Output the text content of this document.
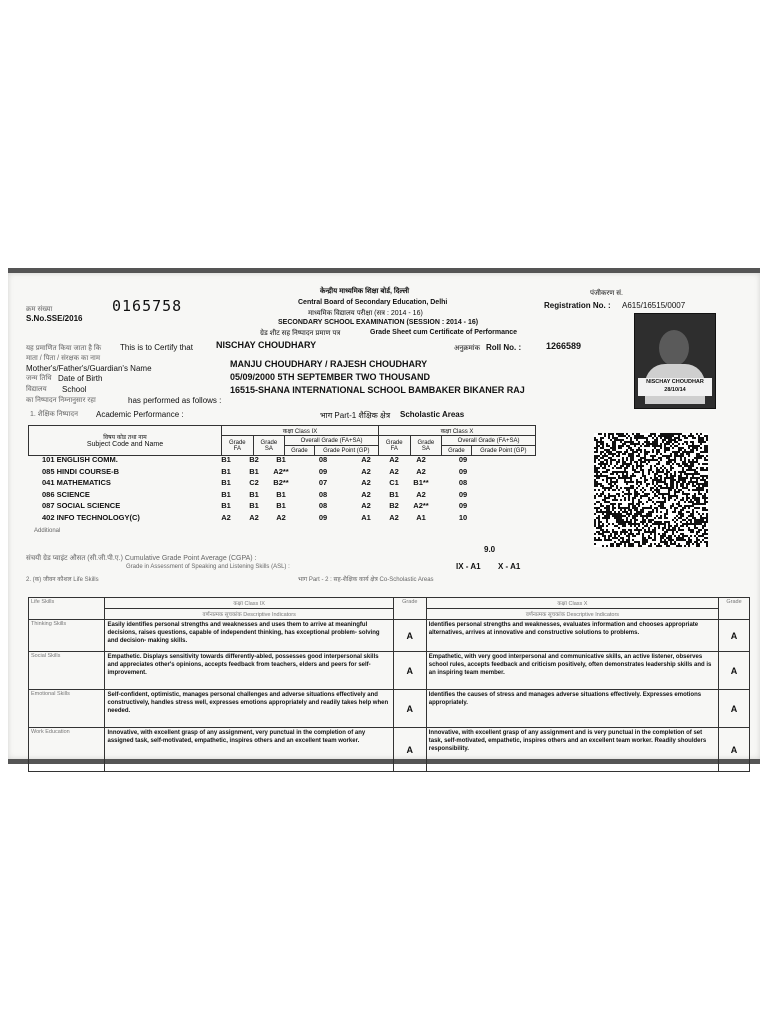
केन्द्रीय माध्यमिक शिक्षा बोर्ड, दिल्ली
Central Board of Secondary Education, Delhi
माध्यमिक विद्यालय परीक्षा (सत्र : 2014 - 16)
SECONDARY SCHOOL EXAMINATION (SESSION : 2014 - 16)
ग्रेड शीट सह निष्पादन प्रमाण पत्र	Grade Sheet cum Certificate of Performance
क्रम संख्या
S.No.SSE/2016
0165758
पंजीकरण सं.
Registration No. : A615/16515/0007
यह प्रमाणित किया जाता है कि This is to Certify that	NISCHAY CHOUDHARY	अनुक्रमांक Roll No. :	1266589
माता / पिता / संरक्षक का नाम
Mother's/Father's/Guardian's Name	MANJU CHOUDHARY / RAJESH CHOUDHARY
जन्म तिथि Date of Birth	05/09/2000 5TH SEPTEMBER TWO THOUSAND
विद्यालय School	16515-SHANA INTERNATIONAL SCHOOL BAMBAKER BIKANER RAJ
का निष्पादन निम्नानुसार रहा	has performed as follows :
NISCHAY CHOUDHAR
28/10/14
1. शैक्षिक निष्पादन Academic Performance :	भाग Part-1 शैक्षिक क्षेत्र Scholastic Areas
विषय कोड तथा नाम
Subject Code and Name	कक्षा Class IX				कक्षा Class X			
	Grade
FA	Grade
SA	Overall Grade (FA+SA)		Grade
FA	Grade
SA	Overall Grade (FA+SA)	
			Grade	Grade Point (GP)			Grade	Grade Point (GP)
101 ENGLISH COMM.	B1	B2	B1	08	A2	A2	A2	09
085 HINDI COURSE-B	B1	B1	A2**	09	A2	A2	A2	09
041 MATHEMATICS	B1	C2	B2**	07	A2	C1	B1**	08
086 SCIENCE	B1	B1	B1	08	A2	B1	A2	09
087 SOCIAL SCIENCE	B1	B1	B1	08	A2	B2	A2**	09
402 INFO TECHNOLOGY(C)	A2	A2	A2	09	A1	A2	A1	10
Additional
9.0
संचयी ग्रेड प्वाइंट औसत (सी.जी.पी.ए.) Cumulative Grade Point Average (CGPA) :
Grade in Assessment of Speaking and Listening Skills (ASL) :	IX - A1 X - A1
2. (क) जीवन कौशल Life Skills	भाग Part - 2 : सह-शैक्षिक कार्य क्षेत्र Co-Scholastic Areas
Life Skills	कक्षा Class IX	Grade	कक्षा Class X	Grade
	वर्णनात्मक सूचकांक Descriptive Indicators		वर्णनात्मक सूचकांक Descriptive Indicators	
Thinking Skills	Easily identifies personal strengths and weaknesses and uses them to arrive at meaningful decisions, raises questions, capable of independent thinking, has exceptional problem- solving and decision- making skills.	A	Identifies personal strengths and weaknesses, evaluates information and chooses appropriate alternatives, arrives at innovative and constructive solutions to problems.	A
Social Skills	Empathetic. Displays sensitivity towards differently-abled, possesses good interpersonal skills and appreciates other's opinions, accepts feedback from teachers, elders and peers for self-improvement.	A	Empathetic, with very good interpersonal and communicative skills, an active listener, observes school rules, accepts feedback and criticism positively, often demonstrates leadership skills and is an inspiring team member.	A
Emotional Skills	Self-confident, optimistic, manages personal challenges and adverse situations effectively and constructively, handles stress well, expresses emotions appropriately and readily takes help when needed.	A	Identifies the causes of stress and manages adverse situations effectively. Expresses emotions appropriately.	A
Work Education	Innovative, with excellent grasp of any assignment, very punctual in the completion of any assigned task, self-motivated, empathetic, inspires others and an excellent team worker.	A	Innovative, with excellent grasp of any assignment and is very punctual in the completion of set task, self-motivated, empathetic, inspires others and an excellent team worker. Readily shoulders responsibility.	A
